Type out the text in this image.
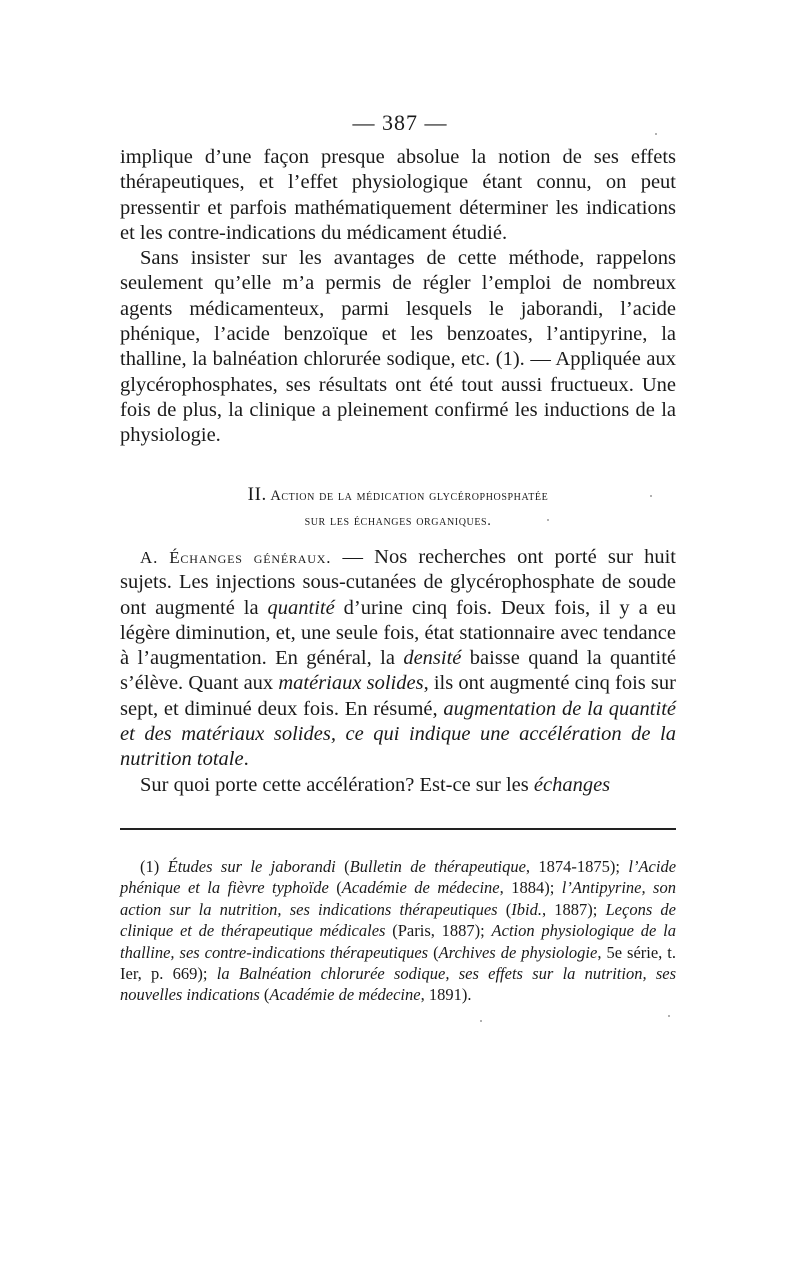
— 387 —

implique d’une façon presque absolue la notion de ses effets thérapeutiques, et l’effet physiologique étant connu, on peut pressentir et parfois mathématiquement déterminer les indications et les contre-indications du médicament étudié.

Sans insister sur les avantages de cette méthode, rappelons seulement qu’elle m’a permis de régler l’emploi de nombreux agents médicamenteux, parmi lesquels le jaborandi, l’acide phénique, l’acide benzoïque et les benzoates, l’antipyrine, la thalline, la balnéation chlorurée sodique, etc. (1). — Appliquée aux glycérophosphates, ses résultats ont été tout aussi fructueux. Une fois de plus, la clinique a pleinement confirmé les inductions de la physiologie.

II. Action de la médication glycérophosphatée
sur les échanges organiques.

A. Échanges généraux. — Nos recherches ont porté sur huit sujets. Les injections sous-cutanées de glycérophosphate de soude ont augmenté la quantité d’urine cinq fois. Deux fois, il y a eu légère diminution, et, une seule fois, état stationnaire avec tendance à l’augmentation. En général, la densité baisse quand la quantité s’élève. Quant aux matériaux solides, ils ont augmenté cinq fois sur sept, et diminué deux fois. En résumé, augmentation de la quantité et des matériaux solides, ce qui indique une accélération de la nutrition totale.

Sur quoi porte cette accélération? Est-ce sur les échanges

(1) Études sur le jaborandi (Bulletin de thérapeutique, 1874-1875); l’Acide phénique et la fièvre typhoïde (Académie de médecine, 1884); l’Antipyrine, son action sur la nutrition, ses indications thérapeutiques (Ibid., 1887); Leçons de clinique et de thérapeutique médicales (Paris, 1887); Action physiologique de la thalline, ses contre-indications thérapeutiques (Archives de physiologie, 5e série, t. Ier, p. 669); la Balnéation chlorurée sodique, ses effets sur la nutrition, ses nouvelles indications (Académie de médecine, 1891).
